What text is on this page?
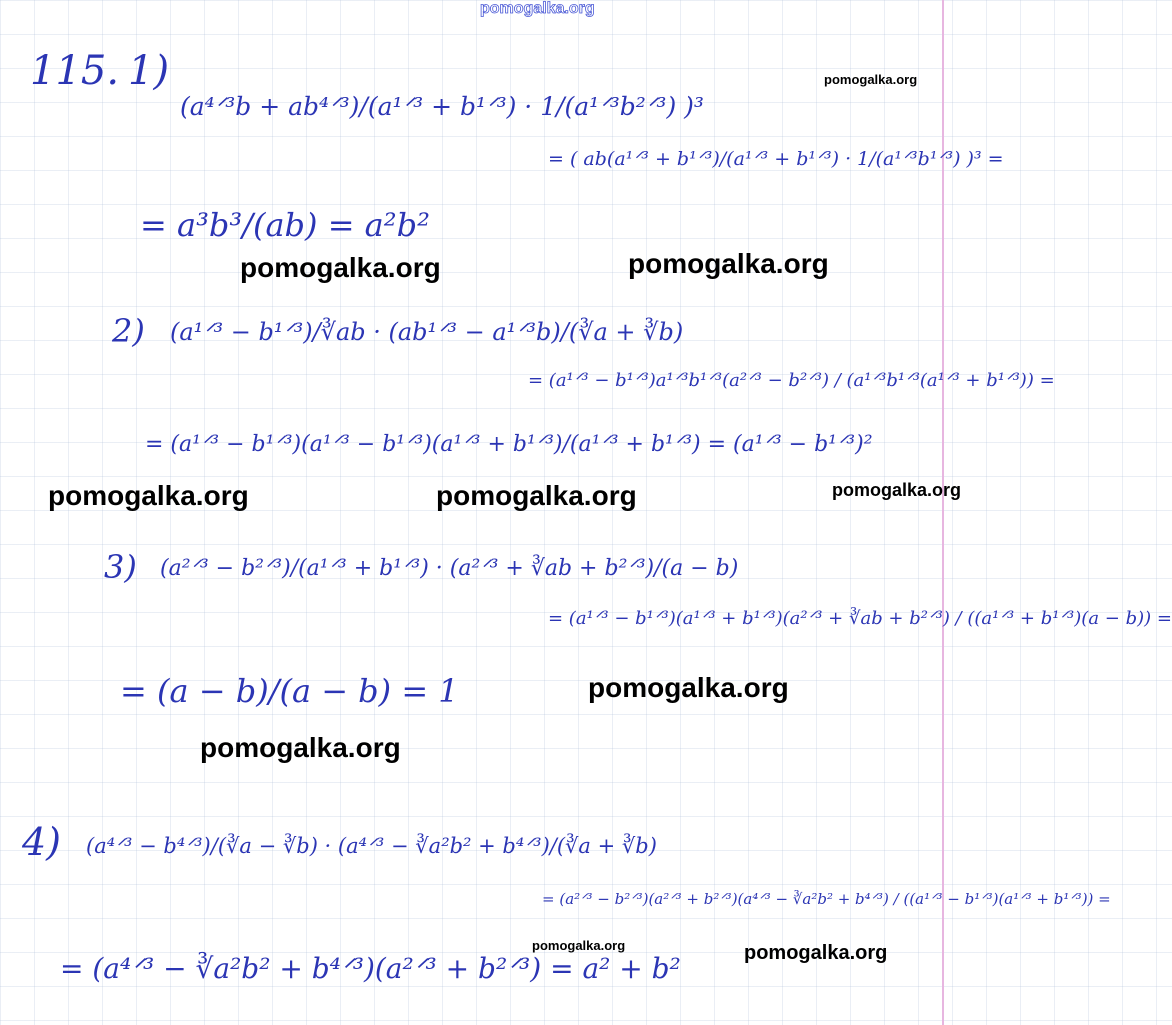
pomogalka.org
115. 1)
(a⁴ᐟ³b + ab⁴ᐟ³)/(a¹ᐟ³ + b¹ᐟ³) · 1/(a¹ᐟ³b²ᐟ³) )³
= ( ab(a¹ᐟ³ + b¹ᐟ³)/(a¹ᐟ³ + b¹ᐟ³) · 1/(a¹ᐟ³b¹ᐟ³) )³ =
= a³b³/(ab) = a²b²
2) (a¹ᐟ³ − b¹ᐟ³)/∛ab · (ab¹ᐟ³ − a¹ᐟ³b)/(∛a + ∛b)
= (a¹ᐟ³ − b¹ᐟ³)a¹ᐟ³b¹ᐟ³(a²ᐟ³ − b²ᐟ³) / (a¹ᐟ³b¹ᐟ³(a¹ᐟ³ + b¹ᐟ³)) =
= (a¹ᐟ³ − b¹ᐟ³)(a¹ᐟ³ − b¹ᐟ³)(a¹ᐟ³ + b¹ᐟ³)/(a¹ᐟ³ + b¹ᐟ³) = (a¹ᐟ³ − b¹ᐟ³)²
3) (a²ᐟ³ − b²ᐟ³)/(a¹ᐟ³ + b¹ᐟ³) · (a²ᐟ³ + ∛ab + b²ᐟ³)/(a − b)
= (a¹ᐟ³ − b¹ᐟ³)(a¹ᐟ³ + b¹ᐟ³)(a²ᐟ³ + ∛ab + b²ᐟ³) / ((a¹ᐟ³ + b¹ᐟ³)(a − b)) =
= (a − b)/(a − b) = 1
4) (a⁴ᐟ³ − b⁴ᐟ³)/(∛a − ∛b) · (a⁴ᐟ³ − ∛a²b² + b⁴ᐟ³)/(∛a + ∛b)
= (a²ᐟ³ − b²ᐟ³)(a²ᐟ³ + b²ᐟ³)(a⁴ᐟ³ − ∛a²b² + b⁴ᐟ³) / ((a¹ᐟ³ − b¹ᐟ³)(a¹ᐟ³ + b¹ᐟ³)) =
= (a⁴ᐟ³ − ∛a²b² + b⁴ᐟ³)(a²ᐟ³ + b²ᐟ³) = a² + b²
pomogalka.org
pomogalka.org	pomogalka.org
pomogalka.org	pomogalka.org	pomogalka.org
pomogalka.org
pomogalka.org
pomogalka.org	pomogalka.org
